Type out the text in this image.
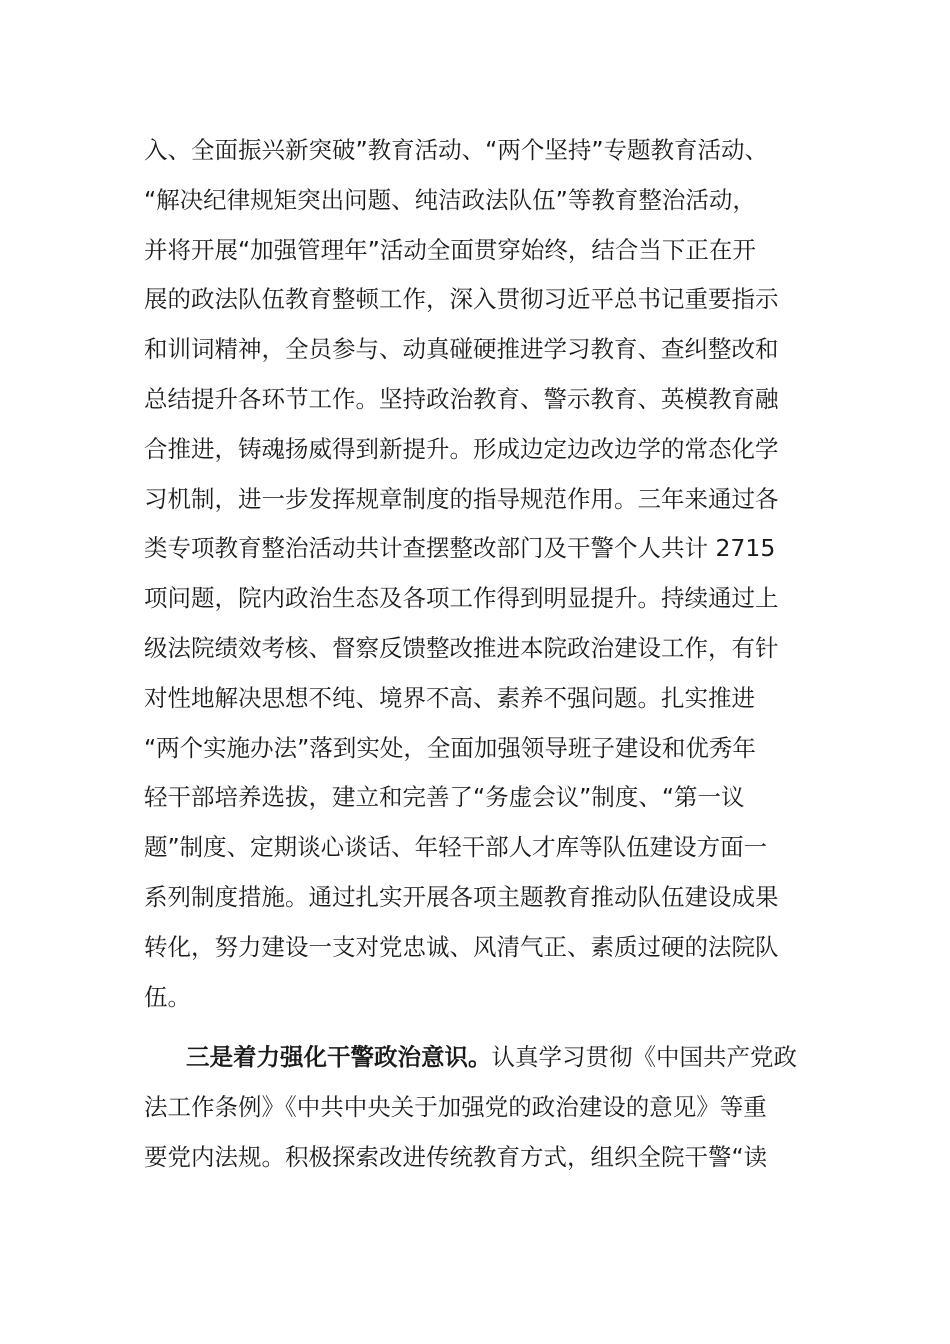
入、全面振兴新突破”教育活动、“两个坚持”专题教育活动、
“解决纪律规矩突出问题、纯洁政法队伍”等教育整治活动，
并将开展“加强管理年”活动全面贯穿始终，结合当下正在开
展的政法队伍教育整顿工作，深入贯彻习近平总书记重要指示
和训词精神，全员参与、动真碰硬推进学习教育、查纠整改和
总结提升各环节工作。坚持政治教育、警示教育、英模教育融
合推进，铸魂扬威得到新提升。形成边定边改边学的常态化学
习机制，进一步发挥规章制度的指导规范作用。三年来通过各
类专项教育整治活动共计查摆整改部门及干警个人共计 2715
项问题，院内政治生态及各项工作得到明显提升。持续通过上
级法院绩效考核、督察反馈整改推进本院政治建设工作，有针
对性地解决思想不纯、境界不高、素养不强问题。扎实推进
“两个实施办法”落到实处，全面加强领导班子建设和优秀年
轻干部培养选拔，建立和完善了“务虚会议”制度、“第一议
题”制度、定期谈心谈话、年轻干部人才库等队伍建设方面一
系列制度措施。通过扎实开展各项主题教育推动队伍建设成果
转化，努力建设一支对党忠诚、风清气正、素质过硬的法院队
伍。
三是着力强化干警政治意识。认真学习贯彻《中国共产党政
法工作条例》《中共中央关于加强党的政治建设的意见》等重
要党内法规。积极探索改进传统教育方式，组织全院干警“读
